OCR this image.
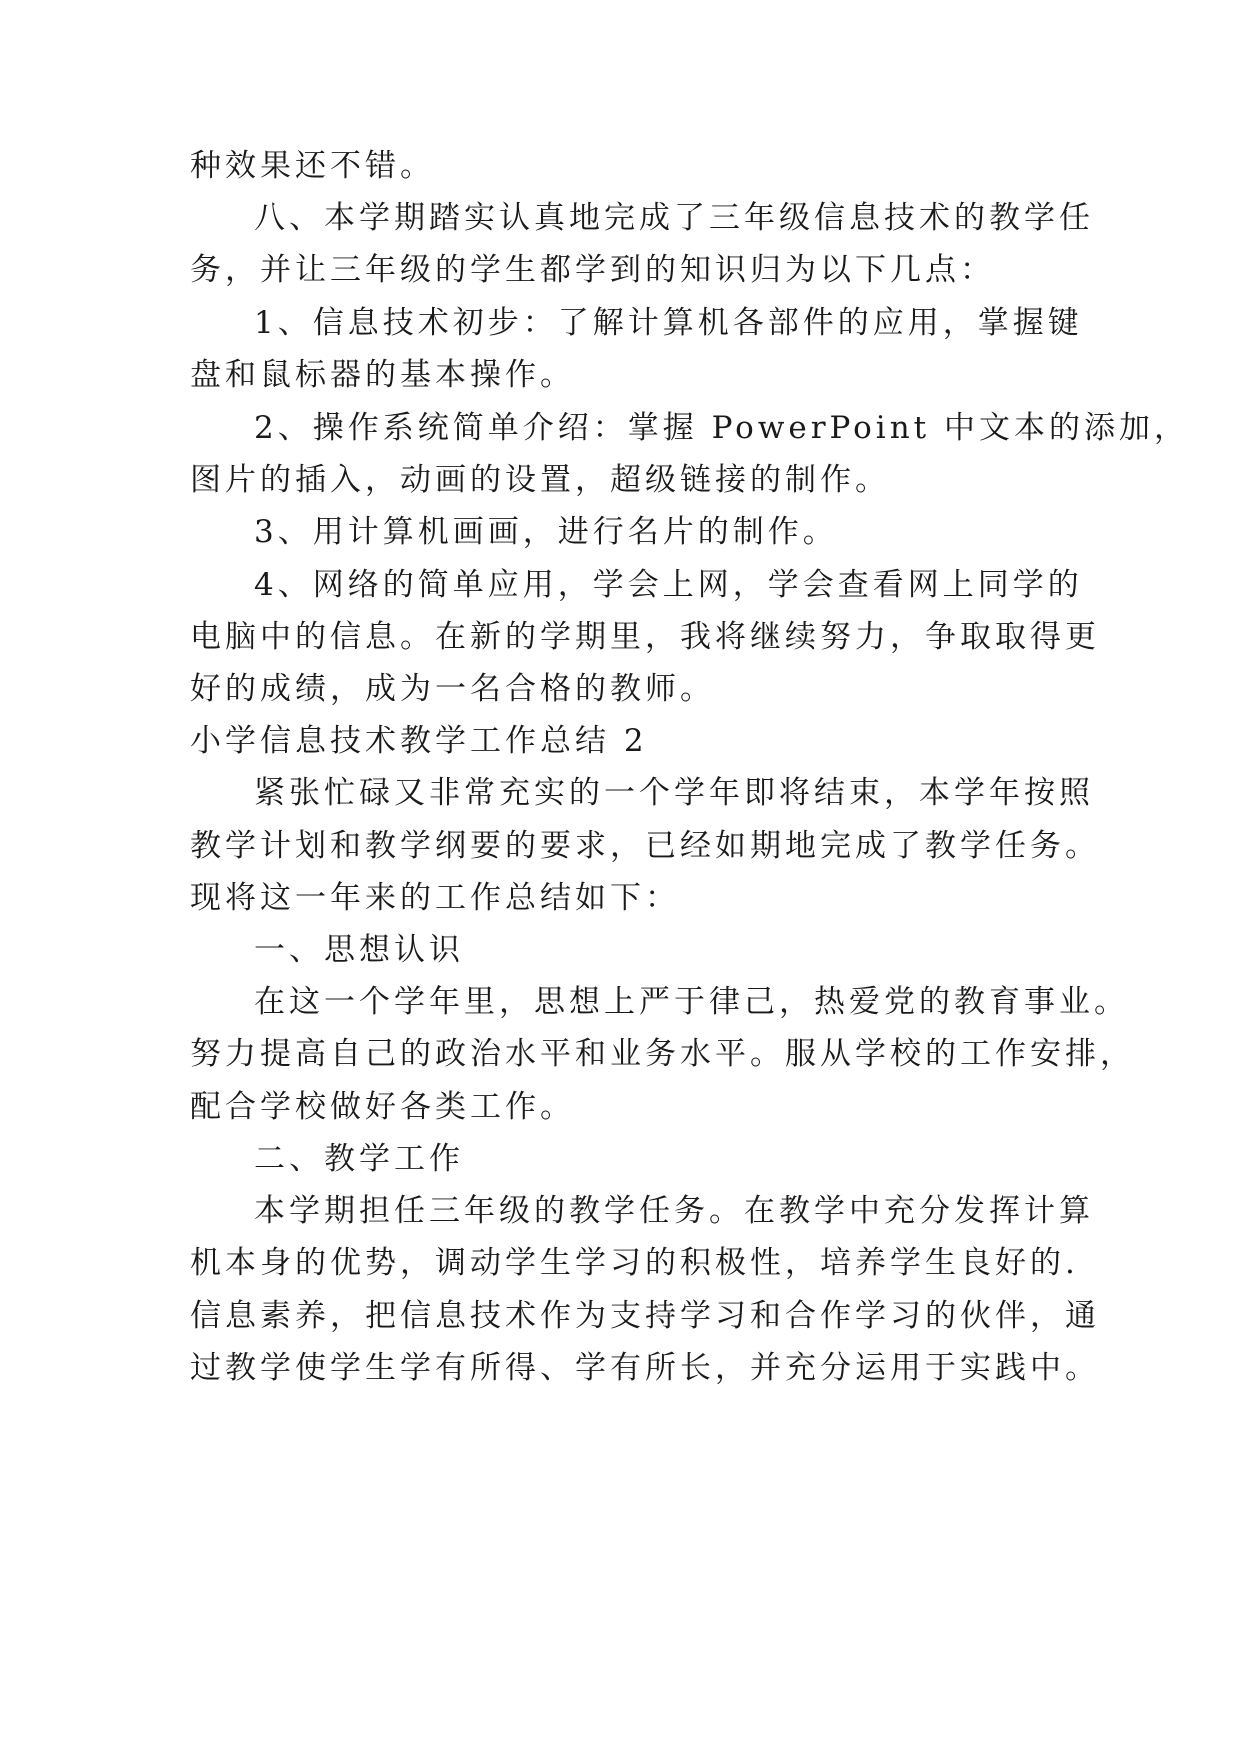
种效果还不错。
八、本学期踏实认真地完成了三年级信息技术的教学任
务，并让三年级的学生都学到的知识归为以下几点：
1、信息技术初步：了解计算机各部件的应用，掌握键
盘和鼠标器的基本操作。
2、操作系统简单介绍：掌握 PowerPoint 中文本的添加，
图片的插入，动画的设置，超级链接的制作。
3、用计算机画画，进行名片的制作。
4、网络的简单应用，学会上网，学会查看网上同学的
电脑中的信息。在新的学期里，我将继续努力，争取取得更
好的成绩，成为一名合格的教师。
小学信息技术教学工作总结 2
紧张忙碌又非常充实的一个学年即将结束，本学年按照
教学计划和教学纲要的要求，已经如期地完成了教学任务。
现将这一年来的工作总结如下：
一、思想认识
在这一个学年里，思想上严于律己，热爱党的教育事业。
努力提高自己的政治水平和业务水平。服从学校的工作安排，
配合学校做好各类工作。
二、教学工作
本学期担任三年级的教学任务。在教学中充分发挥计算
机本身的优势，调动学生学习的积极性，培养学生良好的.
信息素养，把信息技术作为支持学习和合作学习的伙伴，通
过教学使学生学有所得、学有所长，并充分运用于实践中。
